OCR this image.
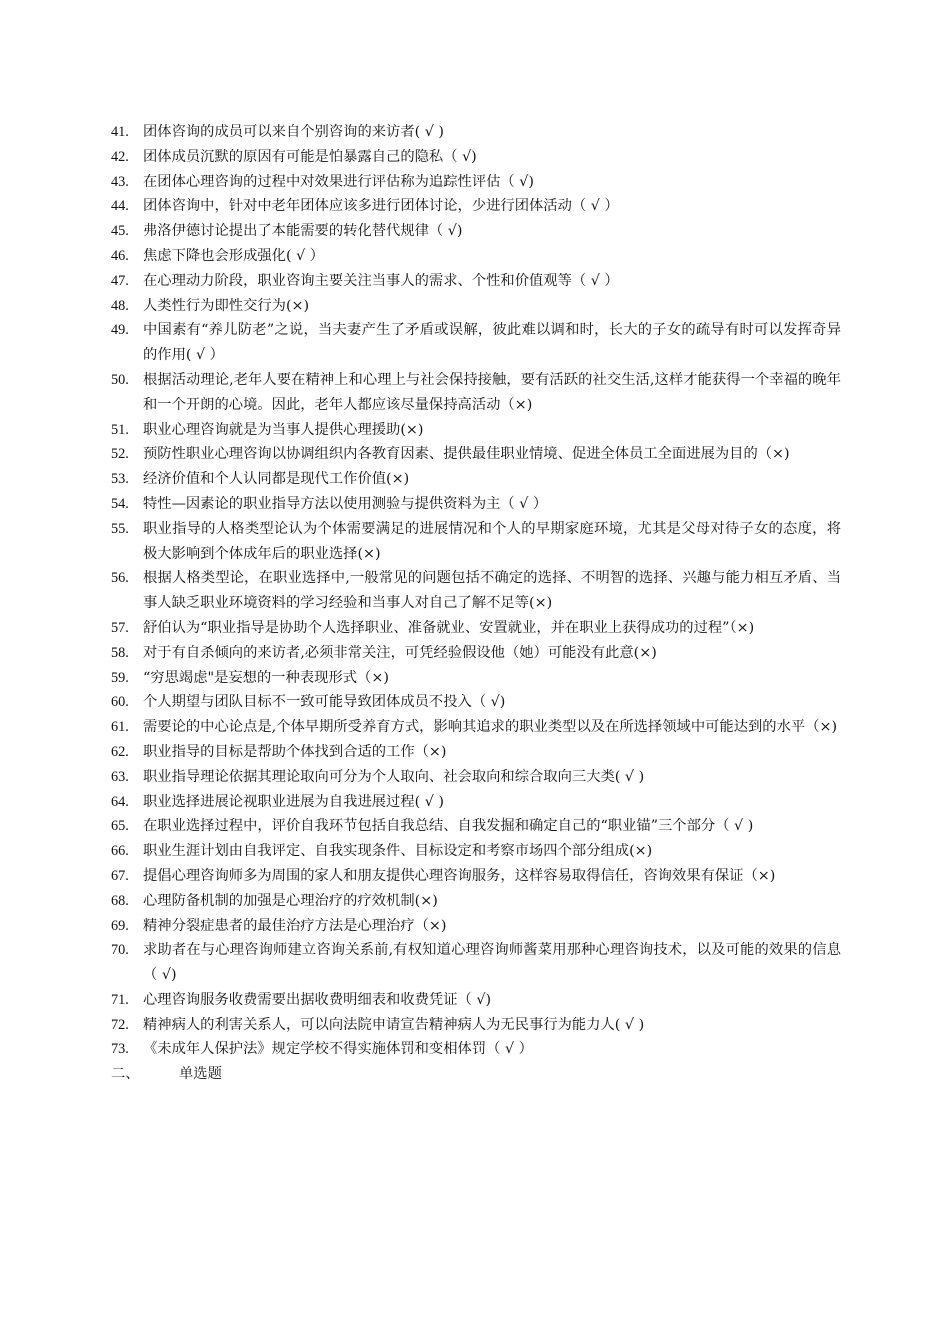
41. 团体咨询的成员可以来自个别咨询的来访者( √ )
42. 团体成员沉默的原因有可能是怕暴露自己的隐私（ √)
43. 在团体心理咨询的过程中对效果进行评估称为追踪性评估（ √)
44. 团体咨询中，针对中老年团体应该多进行团体讨论，少进行团体活动（ √ ）
45. 弗洛伊德讨论提出了本能需要的转化替代规律（ √)
46. 焦虑下降也会形成强化( √ ）
47. 在心理动力阶段，职业咨询主要关注当事人的需求、个性和价值观等（ √ ）
48. 人类性行为即性交行为(×)
49. 中国素有“养儿防老”之说，当夫妻产生了矛盾或误解，彼此难以调和时，长大的子女的疏导有时可以发挥奇异的作用( √ ）
50. 根据活动理论,老年人要在精神上和心理上与社会保持接触，要有活跃的社交生活,这样才能获得一个幸福的晚年和一个开朗的心境。因此，老年人都应该尽量保持高活动（×)
51. 职业心理咨询就是为当事人提供心理援助(×)
52. 预防性职业心理咨询以协调组织内各教育因素、提供最佳职业情境、促进全体员工全面进展为目的（×)
53. 经济价值和个人认同都是现代工作价值(×)
54. 特性—因素论的职业指导方法以使用测验与提供资料为主（ √ ）
55. 职业指导的人格类型论认为个体需要满足的进展情况和个人的早期家庭环境，尤其是父母对待子女的态度，将极大影响到个体成年后的职业选择(×)
56. 根据人格类型论，在职业选择中,一般常见的问题包括不确定的选择、不明智的选择、兴趣与能力相互矛盾、当事人缺乏职业环境资料的学习经验和当事人对自己了解不足等(×)
57. 舒伯认为“职业指导是协助个人选择职业、准备就业、安置就业，并在职业上获得成功的过程”（×)
58. 对于有自杀倾向的来访者,必须非常关注，可凭经验假设他（她）可能没有此意(×)
59. “穷思竭虑"是妄想的一种表现形式（×)
60. 个人期望与团队目标不一致可能导致团体成员不投入（ √)
61. 需要论的中心论点是,个体早期所受养育方式，影响其追求的职业类型以及在所选择领域中可能达到的水平（×)
62. 职业指导的目标是帮助个体找到合适的工作（×)
63. 职业指导理论依据其理论取向可分为个人取向、社会取向和综合取向三大类( √ )
64. 职业选择进展论视职业进展为自我进展过程( √ )
65. 在职业选择过程中，评价自我环节包括自我总结、自我发掘和确定自己的“职业锚”三个部分（ √ )
66. 职业生涯计划由自我评定、自我实现条件、目标设定和考察市场四个部分组成(×)
67. 提倡心理咨询师多为周围的家人和朋友提供心理咨询服务，这样容易取得信任，咨询效果有保证（×)
68. 心理防备机制的加强是心理治疗的疗效机制(×)
69. 精神分裂症患者的最佳治疗方法是心理治疗（×)
70. 求助者在与心理咨询师建立咨询关系前,有权知道心理咨询师酱菜用那种心理咨询技术，以及可能的效果的信息（ √)
71. 心理咨询服务收费需要出据收费明细表和收费凭证（ √)
72. 精神病人的利害关系人，可以向法院申请宣告精神病人为无民事行为能力人( √ )
73. 《未成年人保护法》规定学校不得实施体罚和变相体罚（ √ ）
二、	单选题
